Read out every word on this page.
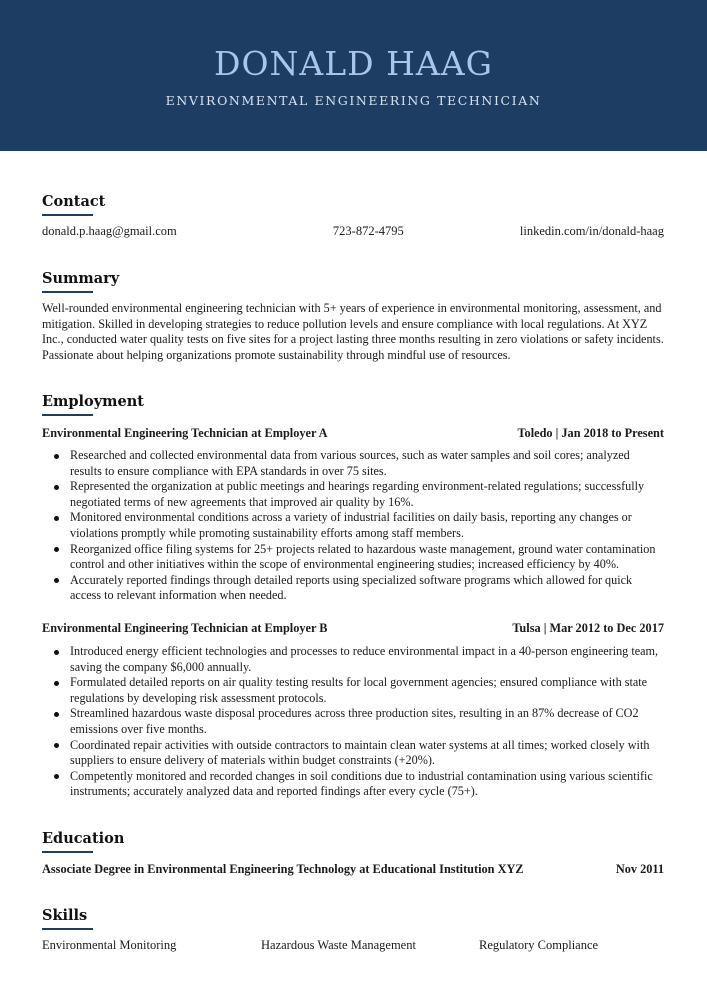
DONALD HAAG
ENVIRONMENTAL ENGINEERING TECHNICIAN
Contact
donald.p.haag@gmail.com	723-872-4795	linkedin.com/in/donald-haag
Summary
Well-rounded environmental engineering technician with 5+ years of experience in environmental monitoring, assessment, and mitigation. Skilled in developing strategies to reduce pollution levels and ensure compliance with local regulations. At XYZ Inc., conducted water quality tests on five sites for a project lasting three months resulting in zero violations or safety incidents. Passionate about helping organizations promote sustainability through mindful use of resources.
Employment
Environmental Engineering Technician at Employer A	Toledo | Jan 2018 to Present
Researched and collected environmental data from various sources, such as water samples and soil cores; analyzed results to ensure compliance with EPA standards in over 75 sites.
Represented the organization at public meetings and hearings regarding environment-related regulations; successfully negotiated terms of new agreements that improved air quality by 16%.
Monitored environmental conditions across a variety of industrial facilities on daily basis, reporting any changes or violations promptly while promoting sustainability efforts among staff members.
Reorganized office filing systems for 25+ projects related to hazardous waste management, ground water contamination control and other initiatives within the scope of environmental engineering studies; increased efficiency by 40%.
Accurately reported findings through detailed reports using specialized software programs which allowed for quick access to relevant information when needed.
Environmental Engineering Technician at Employer B	Tulsa | Mar 2012 to Dec 2017
Introduced energy efficient technologies and processes to reduce environmental impact in a 40-person engineering team, saving the company $6,000 annually.
Formulated detailed reports on air quality testing results for local government agencies; ensured compliance with state regulations by developing risk assessment protocols.
Streamlined hazardous waste disposal procedures across three production sites, resulting in an 87% decrease of CO2 emissions over five months.
Coordinated repair activities with outside contractors to maintain clean water systems at all times; worked closely with suppliers to ensure delivery of materials within budget constraints (+20%).
Competently monitored and recorded changes in soil conditions due to industrial contamination using various scientific instruments; accurately analyzed data and reported findings after every cycle (75+).
Education
Associate Degree in Environmental Engineering Technology at Educational Institution XYZ	Nov 2011
Skills
Environmental Monitoring	Hazardous Waste Management	Regulatory Compliance
